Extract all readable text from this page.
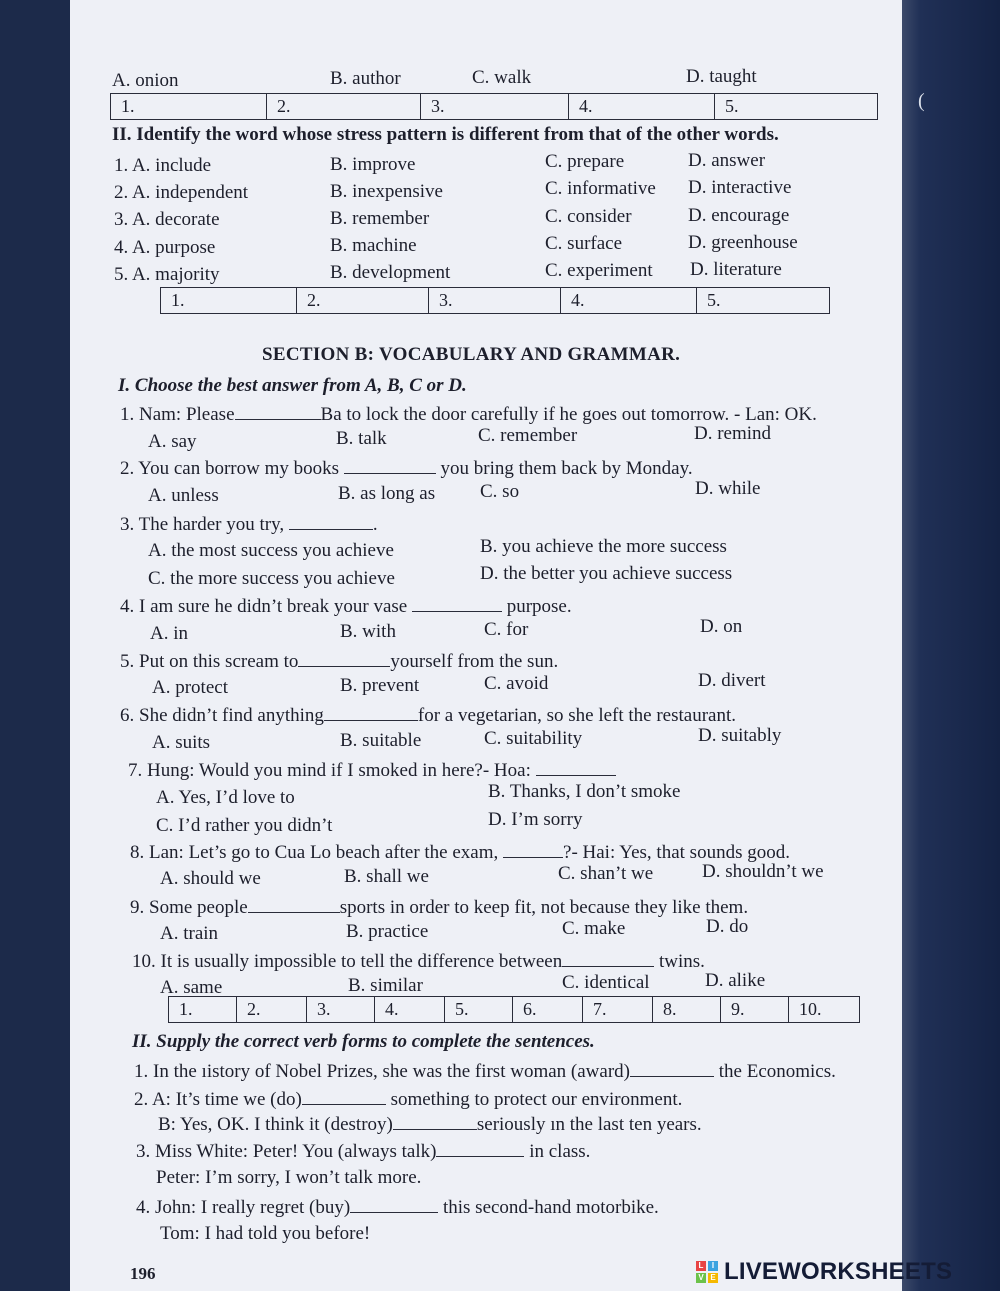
(
A. onion	B. author	C. walk	D. taught
1.	2.	3.	4.	5.
II. Identify the word whose stress pattern is different from that of the other words.
1. A. include	B. improve	C. prepare	D. answer
2. A. independent	B. inexpensive	C. informative D. interactive
3. A. decorate	B. remember	C. consider	D. encourage
4. A. purpose	B. machine	C. surface	D. greenhouse
5. A. majority	B. development	C. experiment D. literature
1.	2.	3.	4.	5.
SECTION B: VOCABULARY AND GRAMMAR.
I. Choose the best answer from A, B, C or D.
1. Nam: Please	Ba to lock the door carefully if he goes out tomorrow. - Lan: OK.
A. say	B. talk	C. remember	D. remind
2. You can borrow my books	you bring them back by Monday.
A. unless	B. as long as C. so	D. while
3. The harder you try,	.
A. the most success you achieve	B. you achieve the more success
C. the more success you achieve	D. the better you achieve success
4. I am sure he didn’t break your vase	purpose.
A. in	B. with	C. for	D. on
5. Put on this scream to	yourself from the sun.
A. protect	B. prevent	C. avoid	D. divert
6. She didn’t find anything	for a vegetarian, so she left the restaurant.
A. suits	B. suitable	C. suitability	D. suitably
7. Hung: Would you mind if I smoked in here?- Hoa:
A. Yes, I’d love to	B. Thanks, I don’t smoke
C. I’d rather you didn’t	D. I’m sorry
8. Lan: Let’s go to Cua Lo beach after the exam,	?- Hai: Yes, that sounds good.
A. should we	B. shall we	C. shan’t we	D. shouldn’t we
9. Some people	sports in order to keep fit, not because they like them.
A. train	B. practice	C. make	D. do
10. It is usually impossible to tell the difference between	twins.
A. same	B. similar	C. identical	D. alike
1.	2.	3.	4.	5.	6.	7.	8.	9.	10.
II. Supply the correct verb forms to complete the sentences.
1. In the ıistory of Nobel Prizes, she was the first woman (award)	the Economics.
2. A: It’s time we (do)	something to protect our environment.
B: Yes, OK. I think it (destroy)	seriously ın the last ten years.
3. Miss White: Peter! You (always talk)	in class.
Peter: I’m sorry, I won’t talk more.
4. John: I really regret (buy)	this second-hand motorbike.
Tom: I had told you before!
196	L	I
V E LIVEWORKSHEETS
